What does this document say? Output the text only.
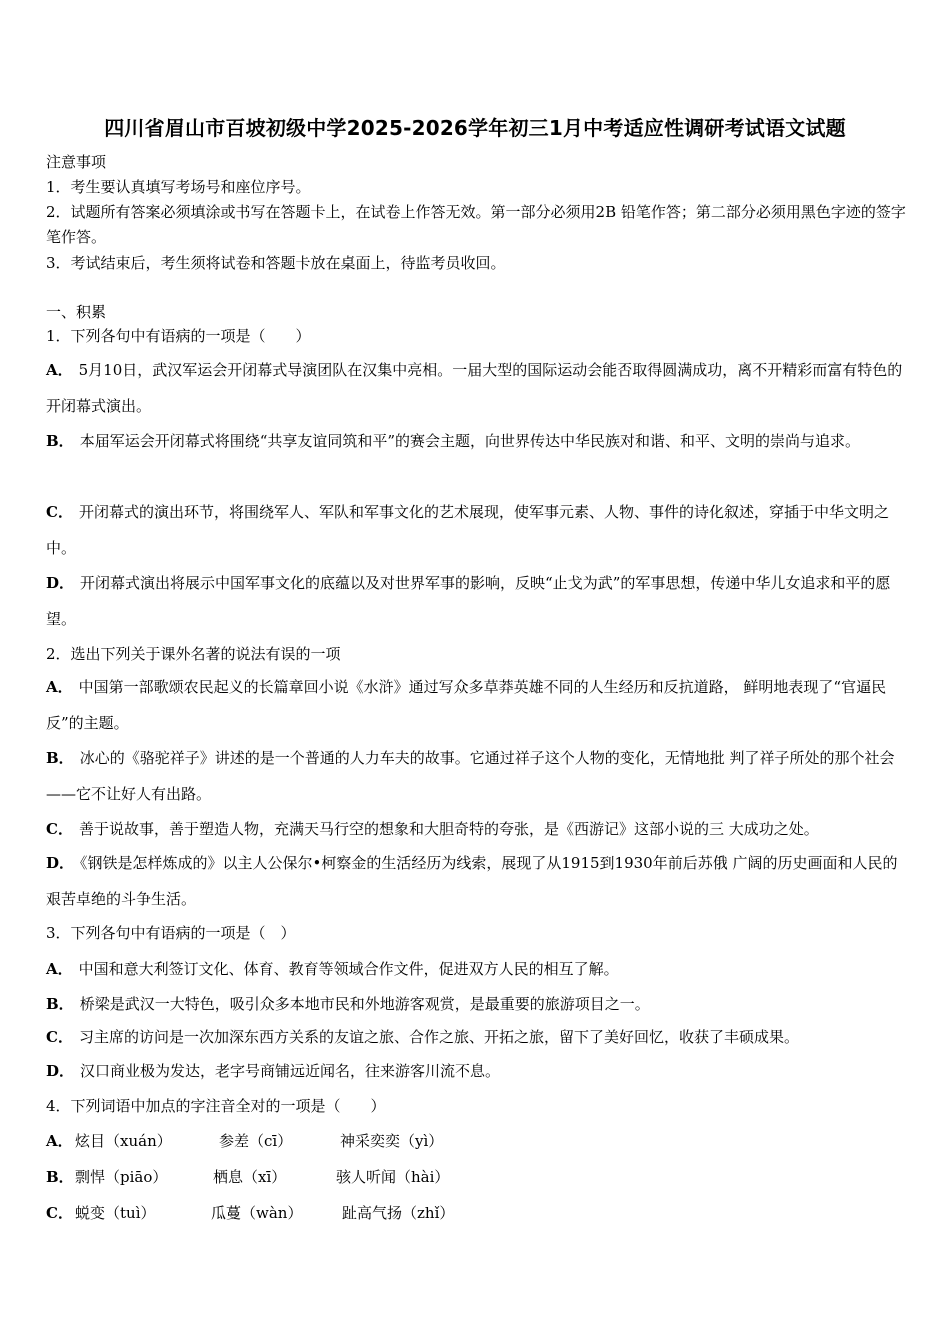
四川省眉山市百坡初级中学2025-2026学年初三1月中考适应性调研考试语文试题
注意事项
1．考生要认真填写考场号和座位序号。
2．试题所有答案必须填涂或书写在答题卡上，在试卷上作答无效。第一部分必须用2B 铅笔作答；第二部分必须用黑色字迹的签字笔作答。
3．考试结束后，考生须将试卷和答题卡放在桌面上，待监考员收回。
一、积累
1．下列各句中有语病的一项是（　　）
A． 5月10日，武汉军运会开闭幕式导演团队在汉集中亮相。一届大型的国际运动会能否取得圆满成功，离不开精彩而富有特色的开闭幕式演出。
B． 本届军运会开闭幕式将围绕“共享友谊同筑和平”的赛会主题，向世界传达中华民族对和谐、和平、文明的崇尚与追求。
C． 开闭幕式的演出环节，将围绕军人、军队和军事文化的艺术展现，使军事元素、人物、事件的诗化叙述，穿插于中华文明之中。
D． 开闭幕式演出将展示中国军事文化的底蕴以及对世界军事的影响，反映“止戈为武”的军事思想，传递中华儿女追求和平的愿望。
2．选出下列关于课外名著的说法有误的一项
A． 中国第一部歌颂农民起义的长篇章回小说《水浒》通过写众多草莽英雄不同的人生经历和反抗道路， 鲜明地表现了“官逼民反”的主题。
B． 冰心的《骆驼祥子》讲述的是一个普通的人力车夫的故事。它通过祥子这个人物的变化，无情地批 判了祥子所处的那个社会——它不让好人有出路。
C． 善于说故事，善于塑造人物，充满天马行空的想象和大胆奇特的夸张，是《西游记》这部小说的三 大成功之处。
D． 《钢铁是怎样炼成的》以主人公保尔•柯察金的生活经历为线索，展现了从1915到1930年前后苏俄 广阔的历史画面和人民的艰苦卓绝的斗争生活。
3．下列各句中有语病的一项是（　）
A． 中国和意大利签订文化、体育、教育等领域合作文件，促进双方人民的相互了解。
B． 桥梁是武汉一大特色，吸引众多本地市民和外地游客观赏，是最重要的旅游项目之一。
C． 习主席的访问是一次加深东西方关系的友谊之旅、合作之旅、开拓之旅，留下了美好回忆，收获了丰硕成果。
D． 汉口商业极为发达，老字号商铺远近闻名，往来游客川流不息。
4．下列词语中加点的字注音全对的一项是（　　）
A． 炫目（xuán）	参差（cī）	神采奕奕（yì）
B． 剽悍（piāo）	栖息（xī）	骇人听闻（hài）
C． 蜕变（tuì）	瓜蔓（wàn）	趾高气扬（zhǐ）
